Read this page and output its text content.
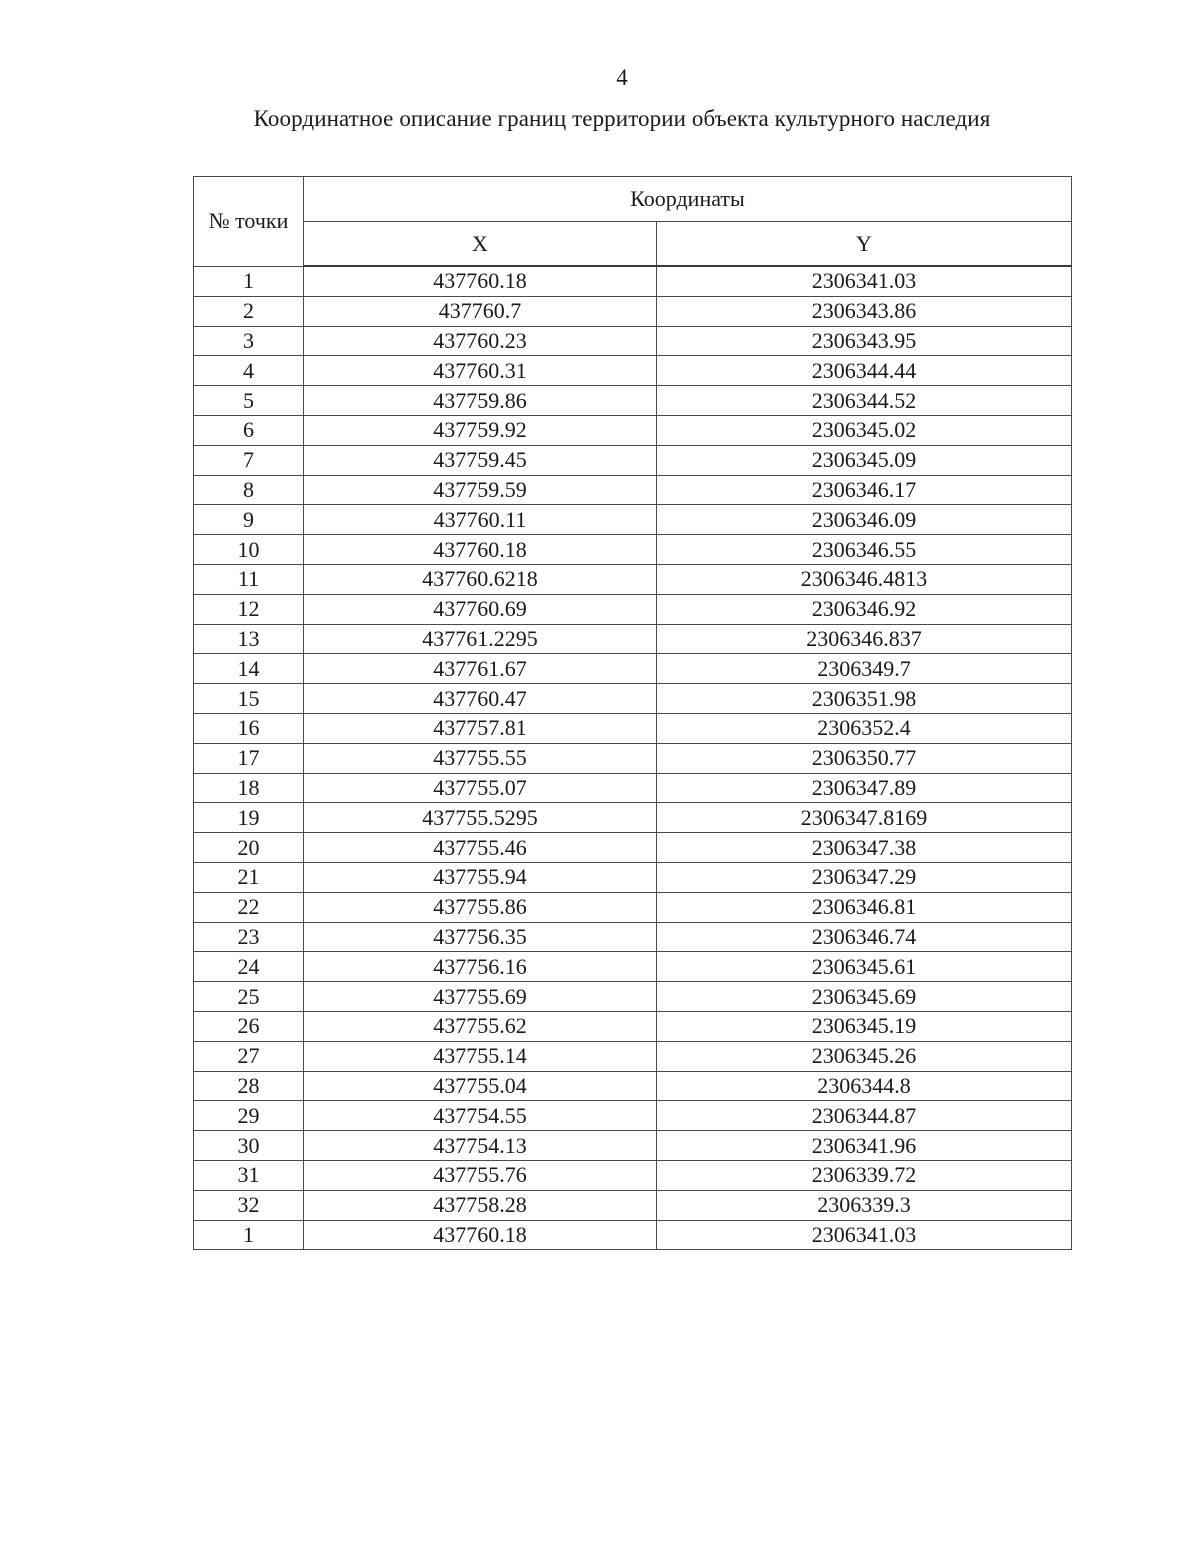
4
Координатное описание границ территории объекта культурного наследия
№ точки	Координаты	
	X	Y
1	437760.18	2306341.03
2	437760.7	2306343.86
3	437760.23	2306343.95
4	437760.31	2306344.44
5	437759.86	2306344.52
6	437759.92	2306345.02
7	437759.45	2306345.09
8	437759.59	2306346.17
9	437760.11	2306346.09
10	437760.18	2306346.55
11	437760.6218	2306346.4813
12	437760.69	2306346.92
13	437761.2295	2306346.837
14	437761.67	2306349.7
15	437760.47	2306351.98
16	437757.81	2306352.4
17	437755.55	2306350.77
18	437755.07	2306347.89
19	437755.5295	2306347.8169
20	437755.46	2306347.38
21	437755.94	2306347.29
22	437755.86	2306346.81
23	437756.35	2306346.74
24	437756.16	2306345.61
25	437755.69	2306345.69
26	437755.62	2306345.19
27	437755.14	2306345.26
28	437755.04	2306344.8
29	437754.55	2306344.87
30	437754.13	2306341.96
31	437755.76	2306339.72
32	437758.28	2306339.3
1	437760.18	2306341.03
